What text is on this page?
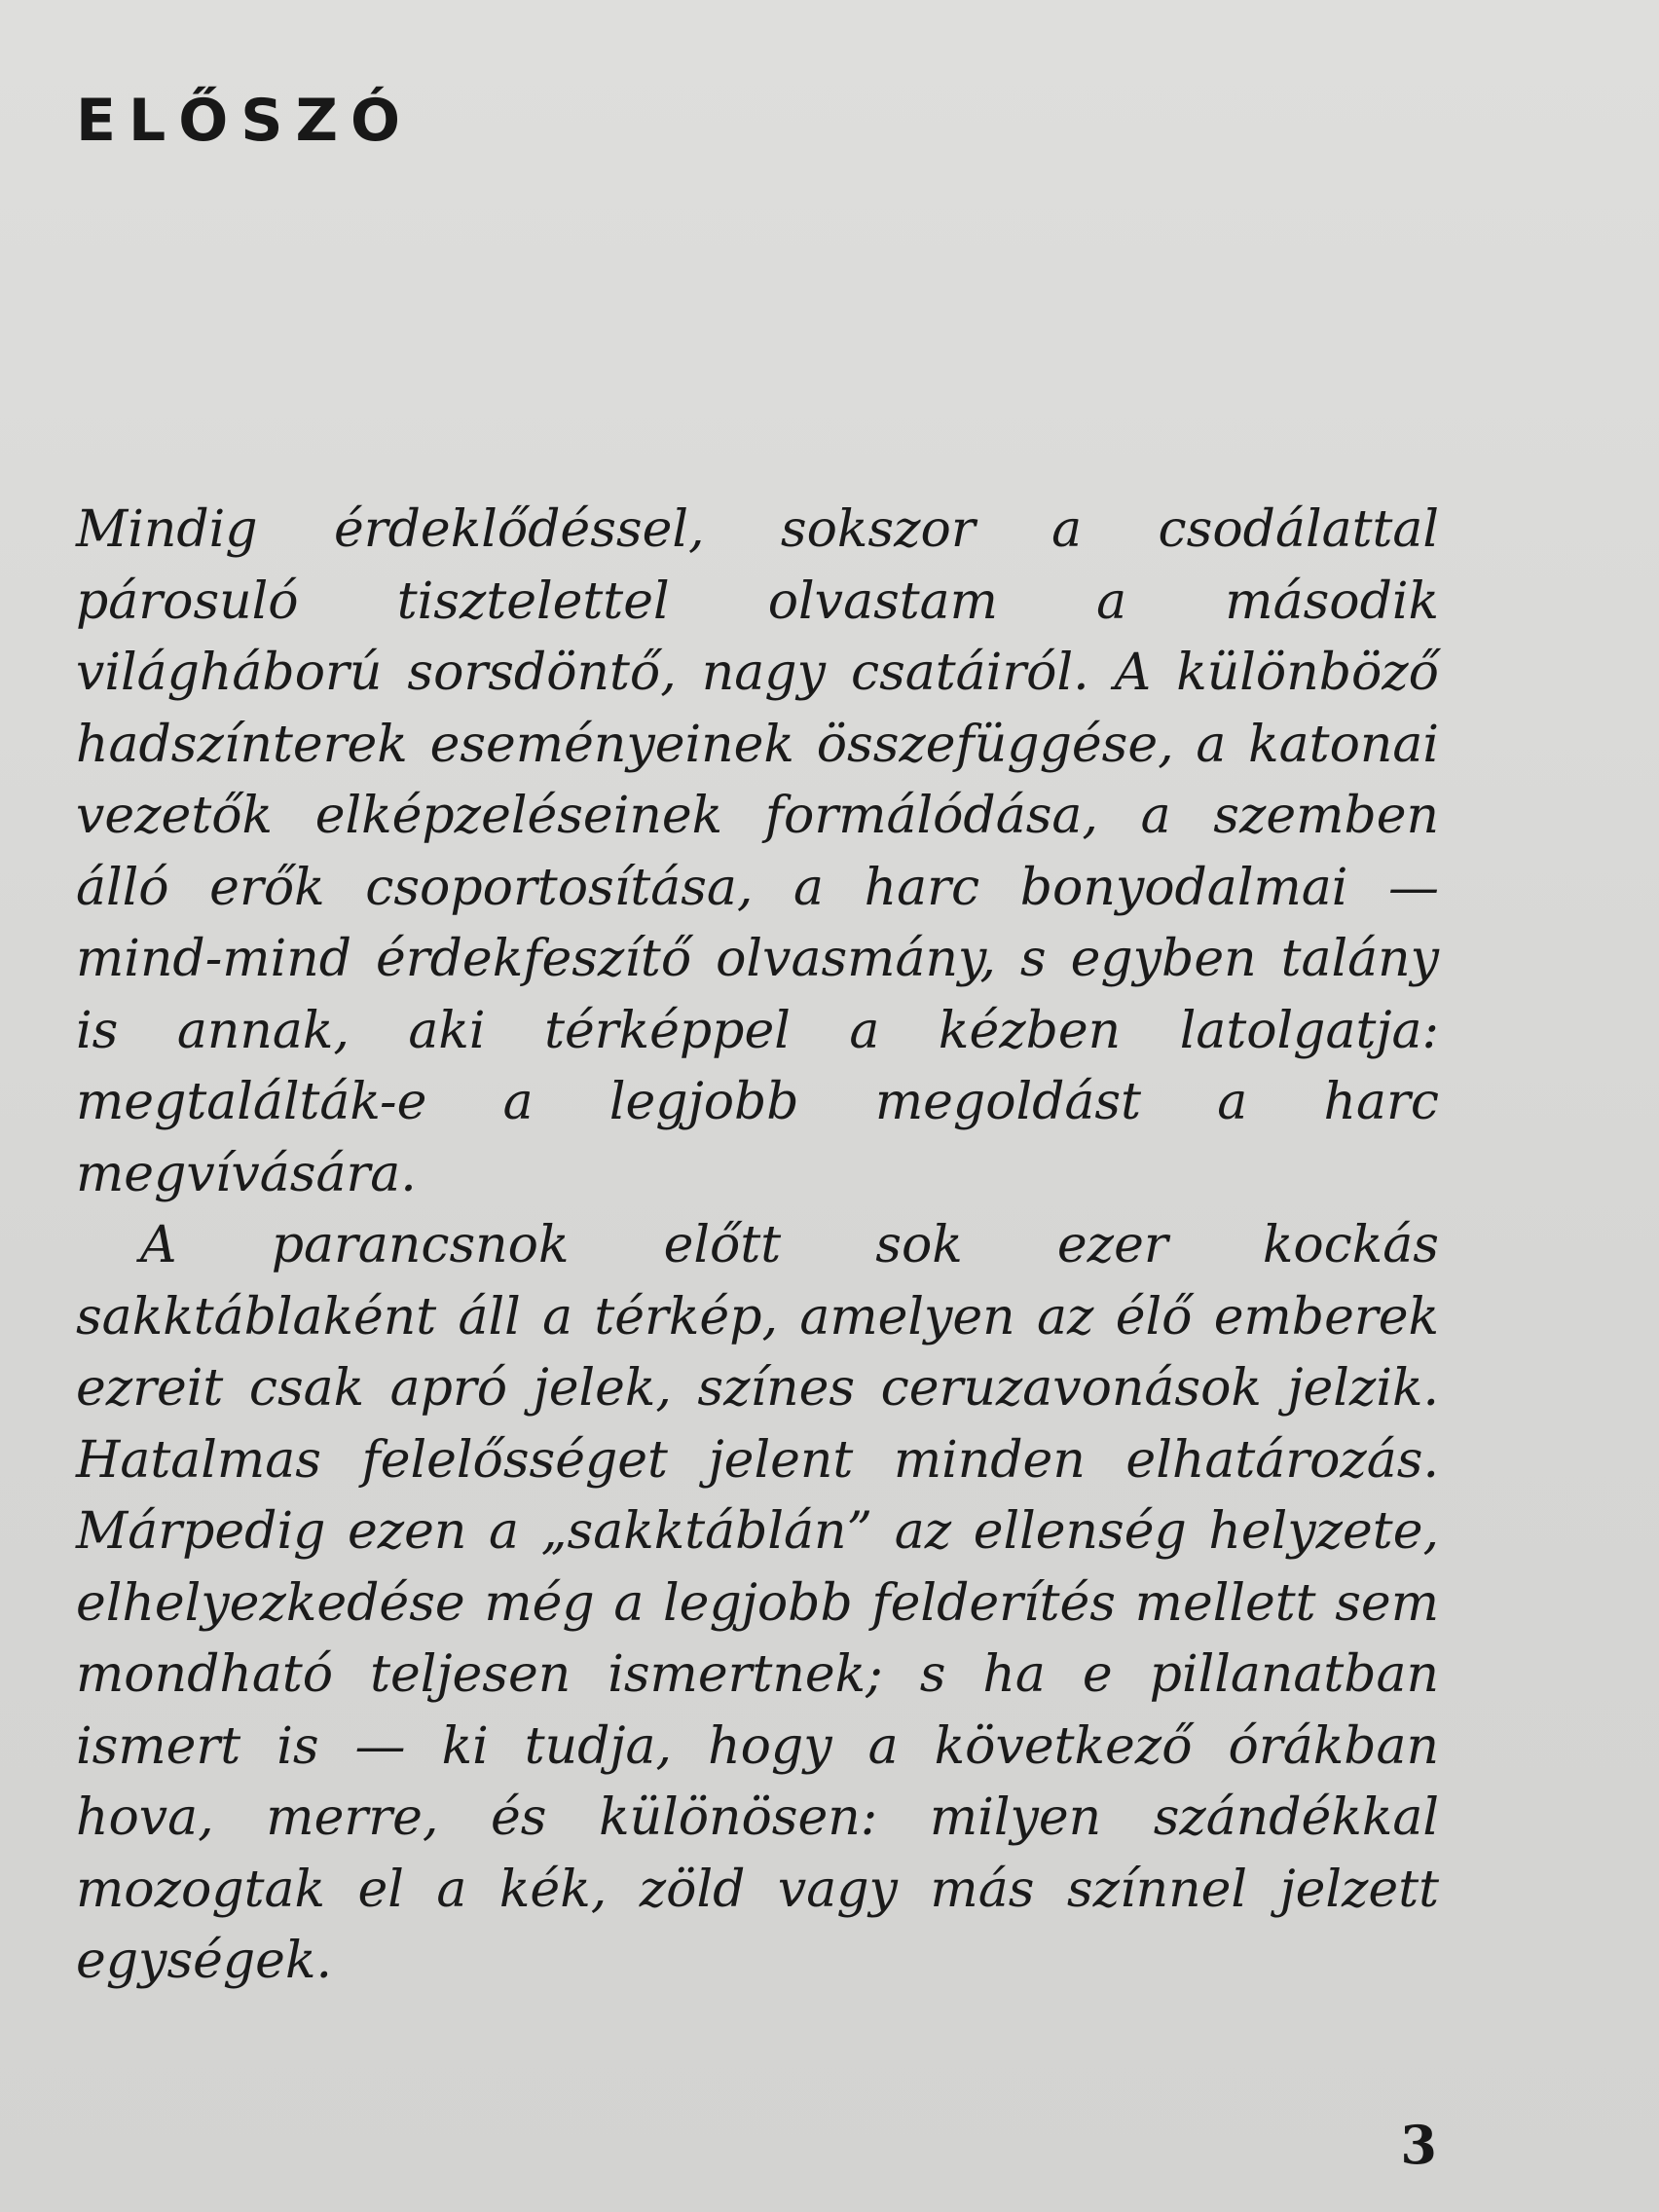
ELŐSZÓ

Mindig érdeklődéssel, sokszor a csodálattal párosuló tisztelettel olvastam a második világháború sorsdöntő, nagy csatáiról. A különböző hadszínterek eseményeinek összefüggése, a katonai vezetők elképzeléseinek formálódása, a szemben álló erők csoportosítása, a harc bonyodalmai — mind-mind érdekfeszítő olvasmány, s egyben talány is annak, aki térképpel a kézben latolgatja: megtalálták-e a legjobb megoldást a harc megvívására.

A parancsnok előtt sok ezer kockás sakktáblaként áll a térkép, amelyen az élő emberek ezreit csak apró jelek, színes ceruzavonások jelzik. Hatalmas felelősséget jelent minden elhatározás. Márpedig ezen a „sakktáblán” az ellenség helyzete, elhelyezkedése még a legjobb felderítés mellett sem mondható teljesen ismertnek; s ha e pillanatban ismert is — ki tudja, hogy a következő órákban hova, merre, és különösen: milyen szándékkal mozogtak el a kék, zöld vagy más színnel jelzett egységek.

3
